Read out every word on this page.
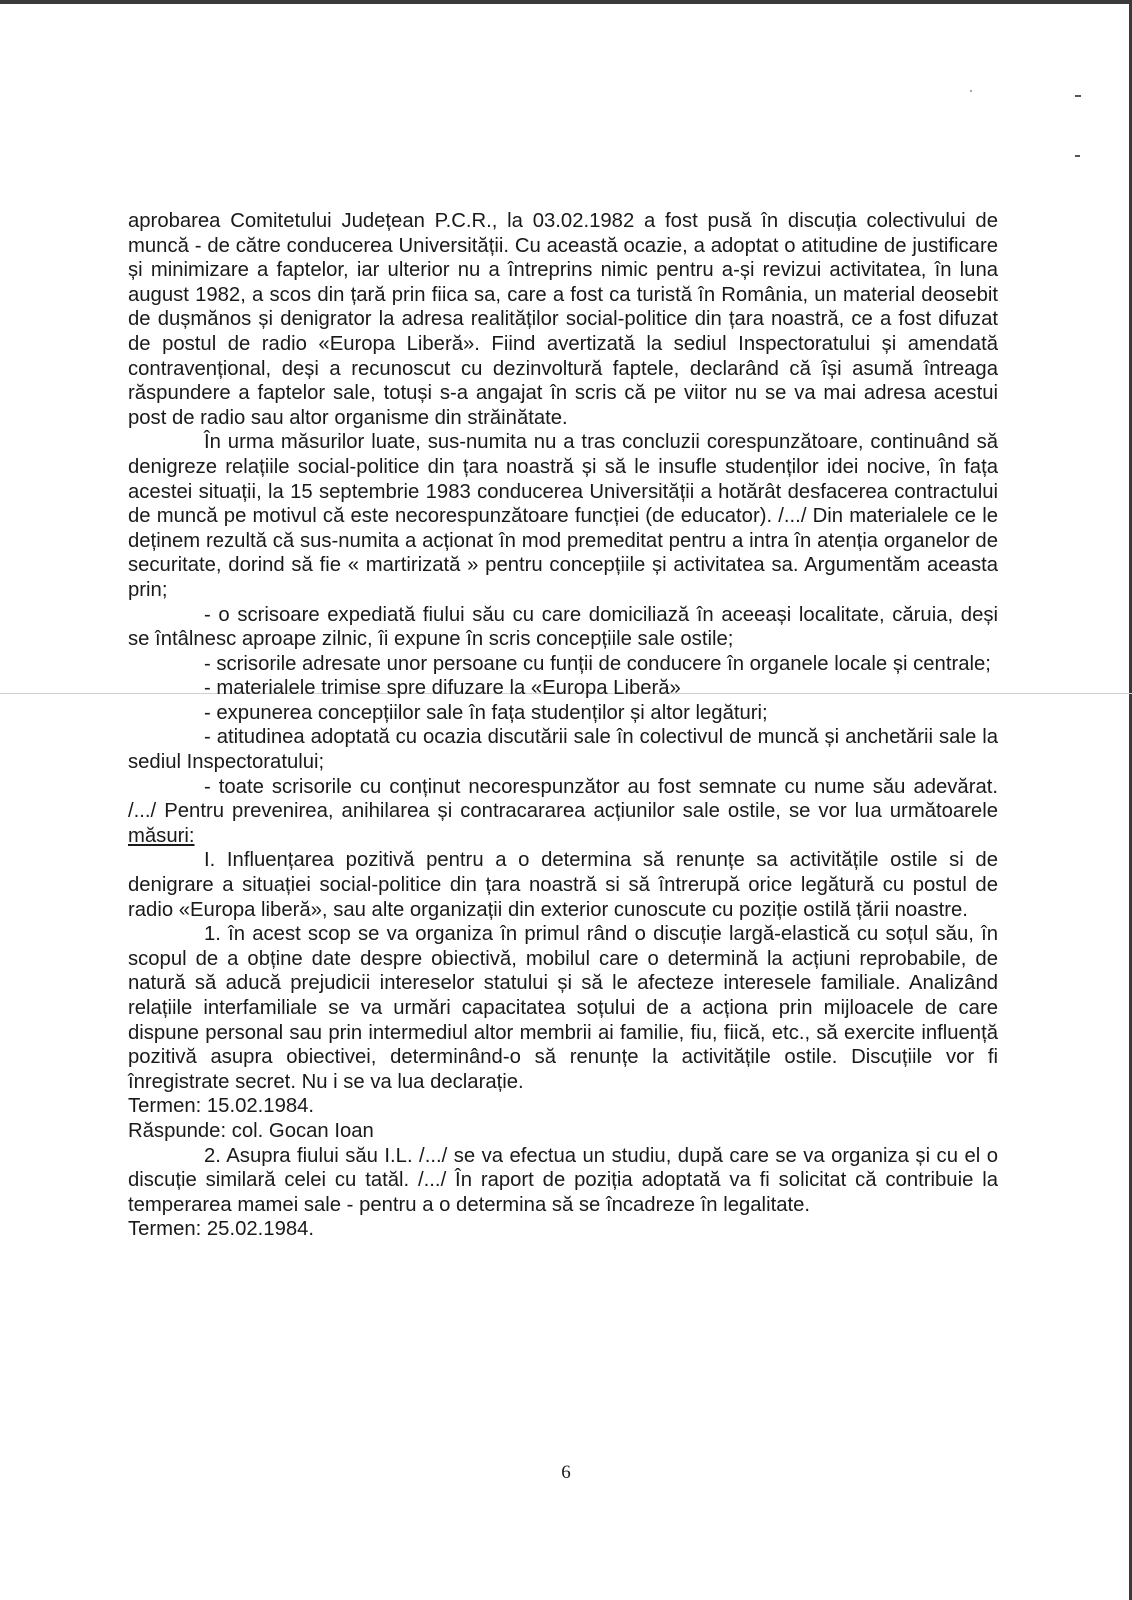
aprobarea Comitetului Județean P.C.R., la 03.02.1982 a fost pusă în discuția colectivului de muncă - de către conducerea Universității. Cu această ocazie, a adoptat o atitudine de justificare și minimizare a faptelor, iar ulterior nu a întreprins nimic pentru a-și revizui activitatea, în luna august 1982, a scos din țară prin fiica sa, care a fost ca turistă în România, un material deosebit de dușmănos și denigrator la adresa realităților social-politice din țara noastră, ce a fost difuzat de postul de radio «Europa Liberă». Fiind avertizată la sediul Inspectoratului și amendată contravențional, deși a recunoscut cu dezinvoltură faptele, declarând că își asumă întreaga răspundere a faptelor sale, totuși s-a angajat în scris că pe viitor nu se va mai adresa acestui post de radio sau altor organisme din străinătate.

În urma măsurilor luate, sus-numita nu a tras concluzii corespunzătoare, continuând să denigreze relațiile social-politice din țara noastră și să le insufle studenților idei nocive, în fața acestei situații, la 15 septembrie 1983 conducerea Universității a hotărât desfacerea contractului de muncă pe motivul că este necorespunzătoare funcției (de educator). /.../ Din materialele ce le deținem rezultă că sus-numita a acționat în mod premeditat pentru a intra în atenția organelor de securitate, dorind să fie « martirizată » pentru concepțiile și activitatea sa. Argumentăm aceasta prin;

- o scrisoare expediată fiului său cu care domiciliază în aceeași localitate, căruia, deși se întâlnesc aproape zilnic, îi expune în scris concepțiile sale ostile;

- scrisorile adresate unor persoane cu funții de conducere în organele locale și centrale;

- materialele trimise spre difuzare la «Europa Liberă»

- expunerea concepțiilor sale în fața studenților și altor legături;

- atitudinea adoptată cu ocazia discutării sale în colectivul de muncă și anchetării sale la sediul Inspectoratului;

- toate scrisorile cu conținut necorespunzător au fost semnate cu nume său adevărat. /.../ Pentru prevenirea, anihilarea și contracararea acțiunilor sale ostile, se vor lua următoarele măsuri:

I. Influențarea pozitivă pentru a o determina să renunțe sa activitățile ostile si de denigrare a situației social-politice din țara noastră si să întrerupă orice legătură cu postul de radio «Europa liberă», sau alte organizații din exterior cunoscute cu poziție ostilă țării noastre.

1. în acest scop se va organiza în primul rând o discuție largă-elastică cu soțul său, în scopul de a obține date despre obiectivă, mobilul care o determină la acțiuni reprobabile, de natură să aducă prejudicii intereselor statului și să le afecteze interesele familiale. Analizând relațiile interfamiliale se va urmări capacitatea soțului de a acționa prin mijloacele de care dispune personal sau prin intermediul altor membrii ai familie, fiu, fiică, etc., să exercite influență pozitivă asupra obiectivei, determinând-o să renunțe la activitățile ostile. Discuțiile vor fi înregistrate secret. Nu i se va lua declarație.

Termen: 15.02.1984.

Răspunde: col. Gocan Ioan

2. Asupra fiului său I.L. /.../ se va efectua un studiu, după care se va organiza și cu el o discuție similară celei cu tatăl. /.../ În raport de poziția adoptată va fi solicitat că contribuie la temperarea mamei sale - pentru a o determina să se încadreze în legalitate.

Termen: 25.02.1984.

6
